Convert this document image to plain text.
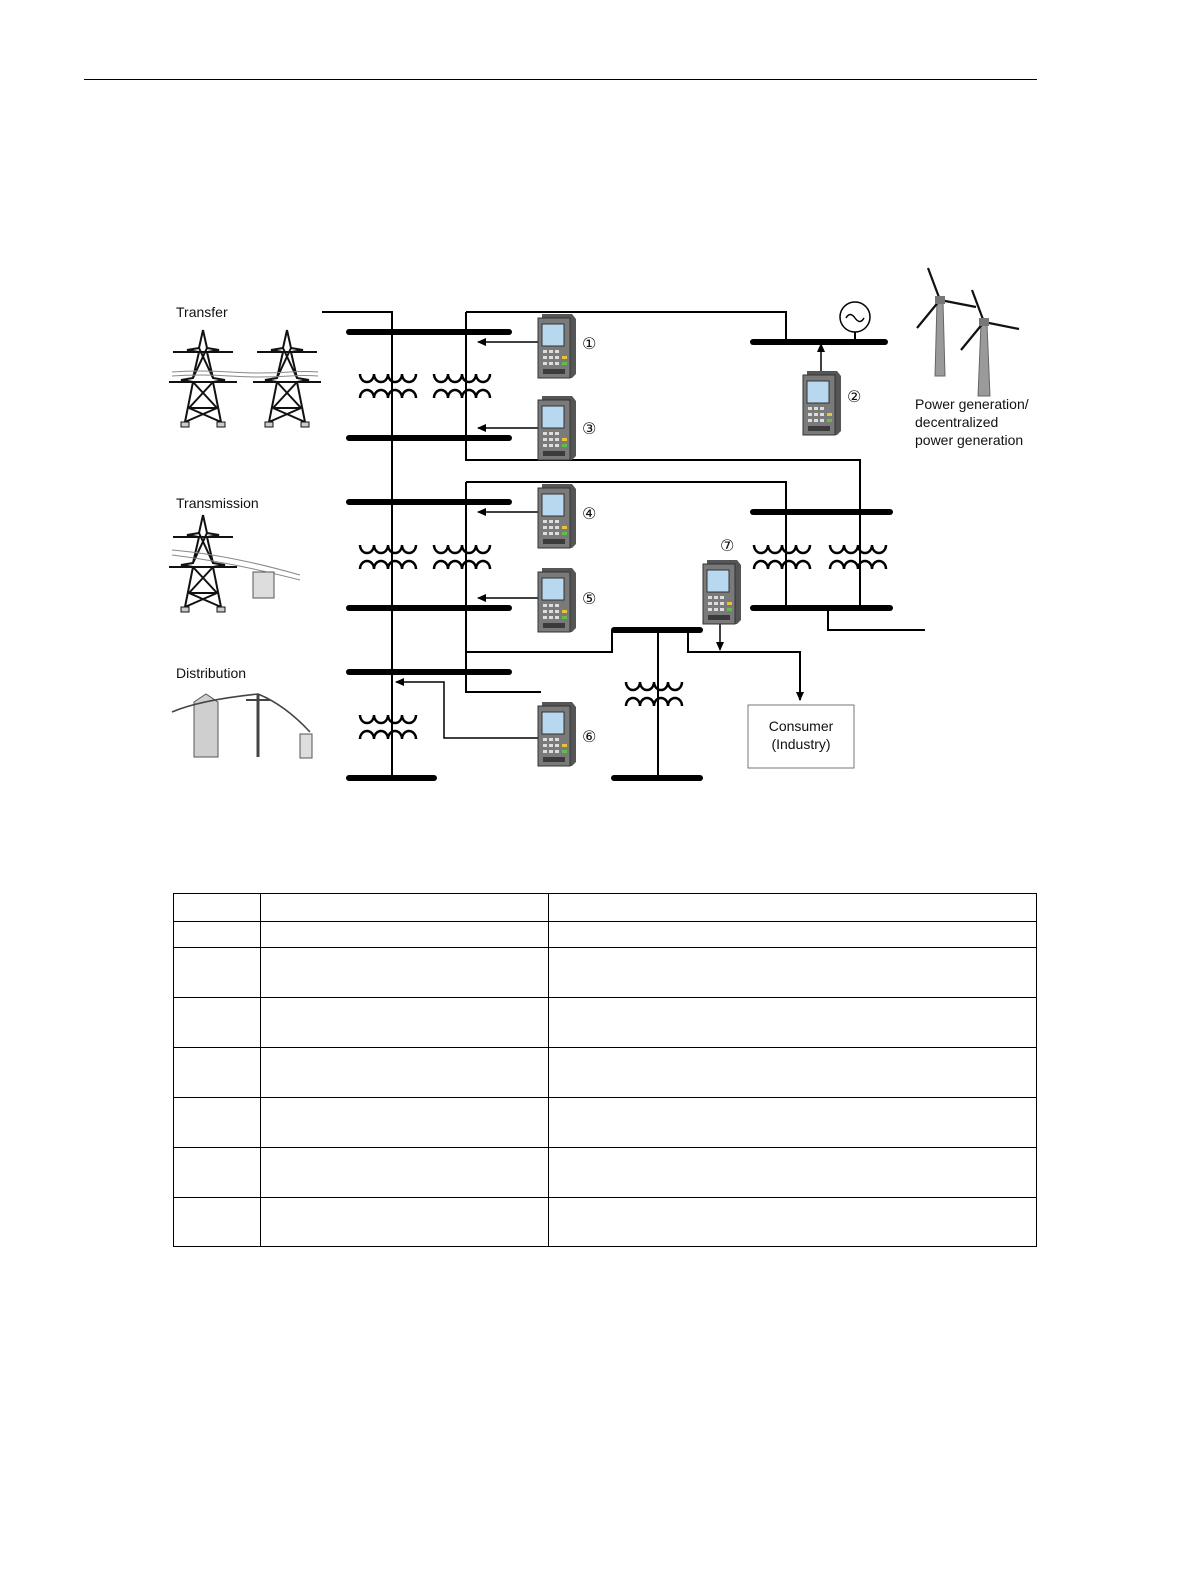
Transfer
Transmission
Distribution
Power generation/
decentralized
power generation
①
②
③
④
⑤
⑥
⑦
Consumer
(Industry)
